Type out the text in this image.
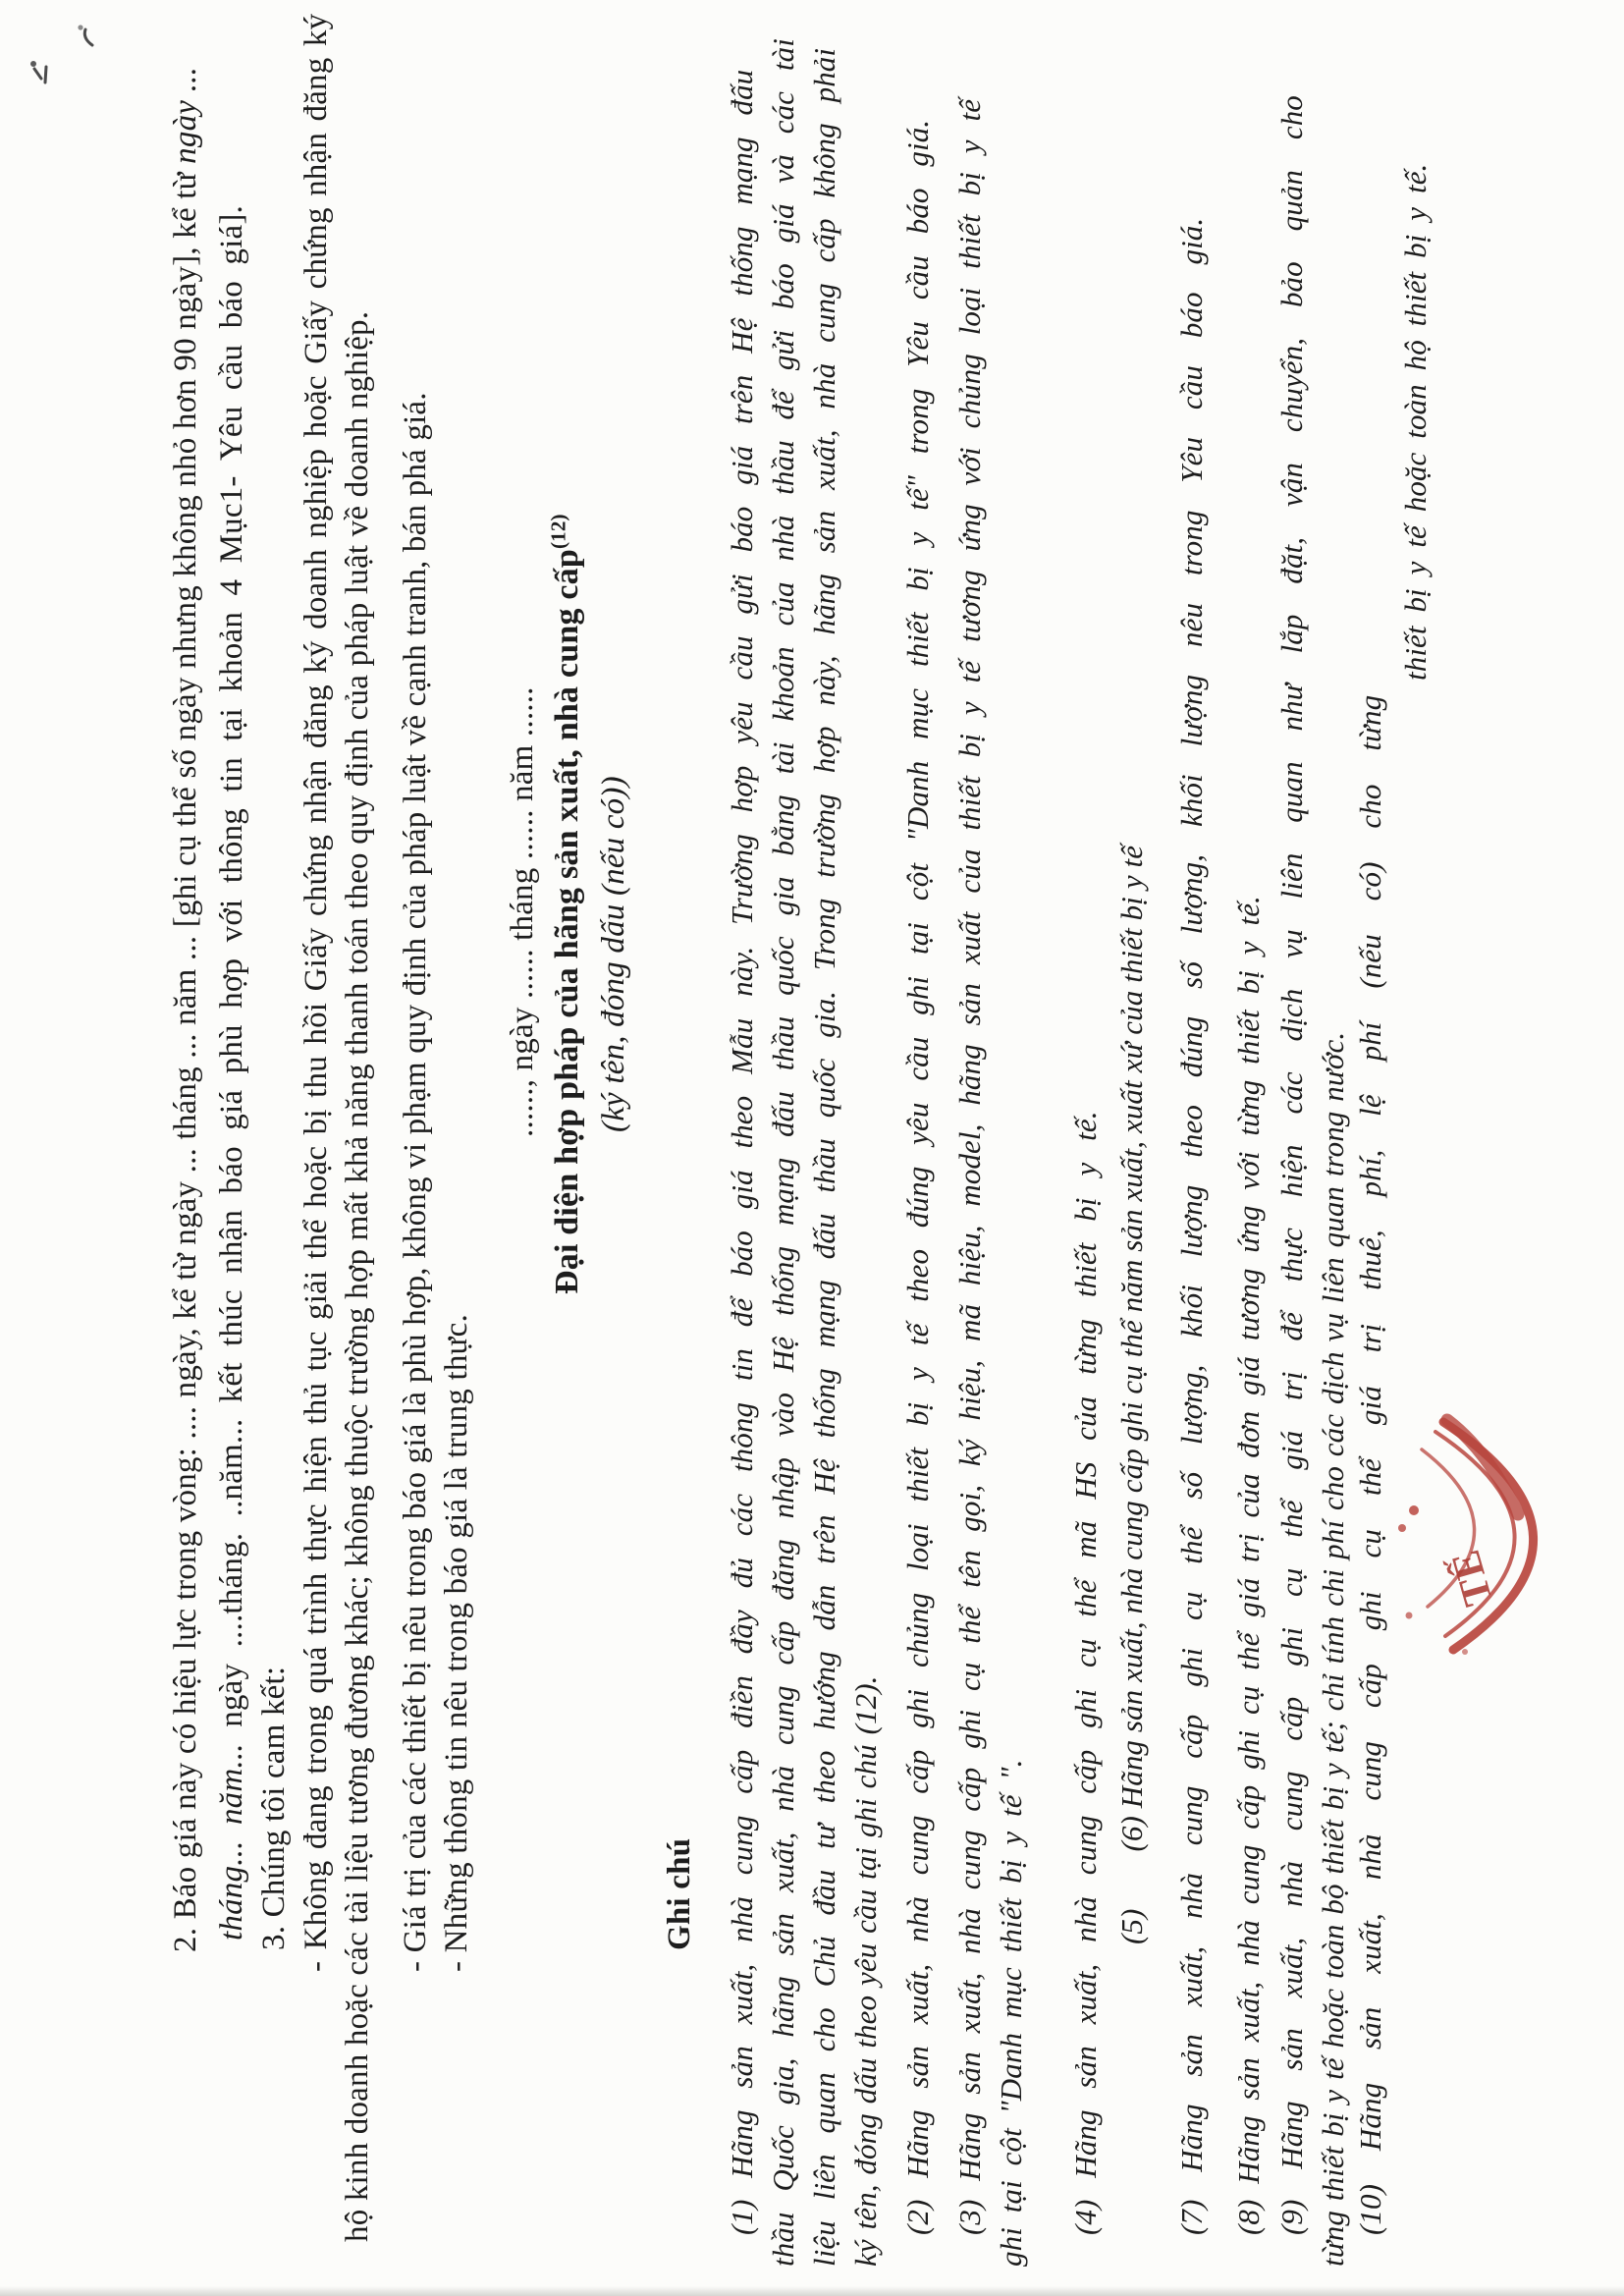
2. Báo giá này có hiệu lực trong vòng: .... ngày, kể từ ngày ... tháng ... năm ... [ghi cụ thể số ngày nhưng không nhỏ hơn 90 ngày], kể từ ngày ...
tháng... năm... ngày ....tháng. ..năm... kết thúc nhận báo giá phù hợp với thông tin tại khoản 4 Mục1- Yêu cầu báo giá].
3. Chúng tôi cam kết: - Không đang trong quá trình thực hiện thủ tục giải thể hoặc bị thu hồi Giấy chứng nhận đăng ký doanh nghiệp hoặc Giấy chứng nhận đăng ký hộ kinh doanh hoặc các tài liệu tương đương khác; không thuộc trường hợp mất khả năng thanh toán theo quy định của pháp luật về doanh nghiệp. - Giá trị của các thiết bị nêu trong báo giá là phù hợp, không vi phạm quy định của pháp luật về cạnh tranh, bán phá giá. - Những thông tin nêu trong báo giá là trung thực.
......, ngày ...... tháng ...... năm ...... Đại diện hợp pháp của hãng sản xuất, nhà cung cấp$^{(12)}$
(ký tên, đóng dấu (nếu có))
Ghi chú (1) Hãng sản xuất, nhà cung cấp điền đầy đủ các thông tin để báo giá theo Mẫu này. Trường hợp yêu cầu gửi báo giá trên Hệ thống mạng đấu thầu Quốc gia, hãng sản xuất, nhà cung cấp đăng nhập vào Hệ thống mạng đấu thầu quốc gia bằng tài khoản của nhà thầu để gửi báo giá và các tài liệu liên quan cho Chủ đầu tư theo hướng dẫn trên Hệ thống mạng đấu thầu quốc gia. Trong trường hợp này, hãng sản xuất, nhà cung cấp không phải ký tên, đóng dấu theo yêu cầu tại ghi chú (12). (2) Hãng sản xuất, nhà cung cấp ghi chủng loại thiết bị y tế theo đúng yêu cầu ghi tại cột "Danh mục thiết bị y tế" trong Yêu cầu báo giá. (3) Hãng sản xuất, nhà cung cấp ghi cụ thể tên gọi, ký hiệu, mã hiệu, model, hãng sản xuất của thiết bị y tế tương ứng với chủng loại thiết bị y tế ghi tại cột "Danh mục thiết bị y tế ". (4) Hãng sản xuất, nhà cung cấp ghi cụ thể mã HS của từng thiết bị y tế. (5)(6) Hãng sản xuất, nhà cung cấp ghi cụ thể năm sản xuất, xuất xứ của thiết bị y tế (7) Hãng sản xuất, nhà cung cấp ghi cụ thể số lượng, khối lượng theo đúng số lượng, khối lượng nêu trong Yêu cầu báo giá. (8) Hãng sản xuất, nhà cung cấp ghi cụ thể giá trị của đơn giá tương ứng với từng thiết bị y tế. (9) Hãng sản xuất, nhà cung cấp ghi cụ thể giá trị để thực hiện các dịch vụ liên quan như lắp đặt, vận chuyển, bảo quản cho từng thiết bị y tế hoặc toàn bộ thiết bị y tế; chỉ tính chi phí cho các dịch vụ liên quan trong nước. (10) Hãng sản xuất, nhà cung cấp ghi cụ thể giá trị thuê, phí, lệ phí (nếu có) cho từng
thiết bị y tế hoặc toàn hộ thiết bị y tế.
TẾ
